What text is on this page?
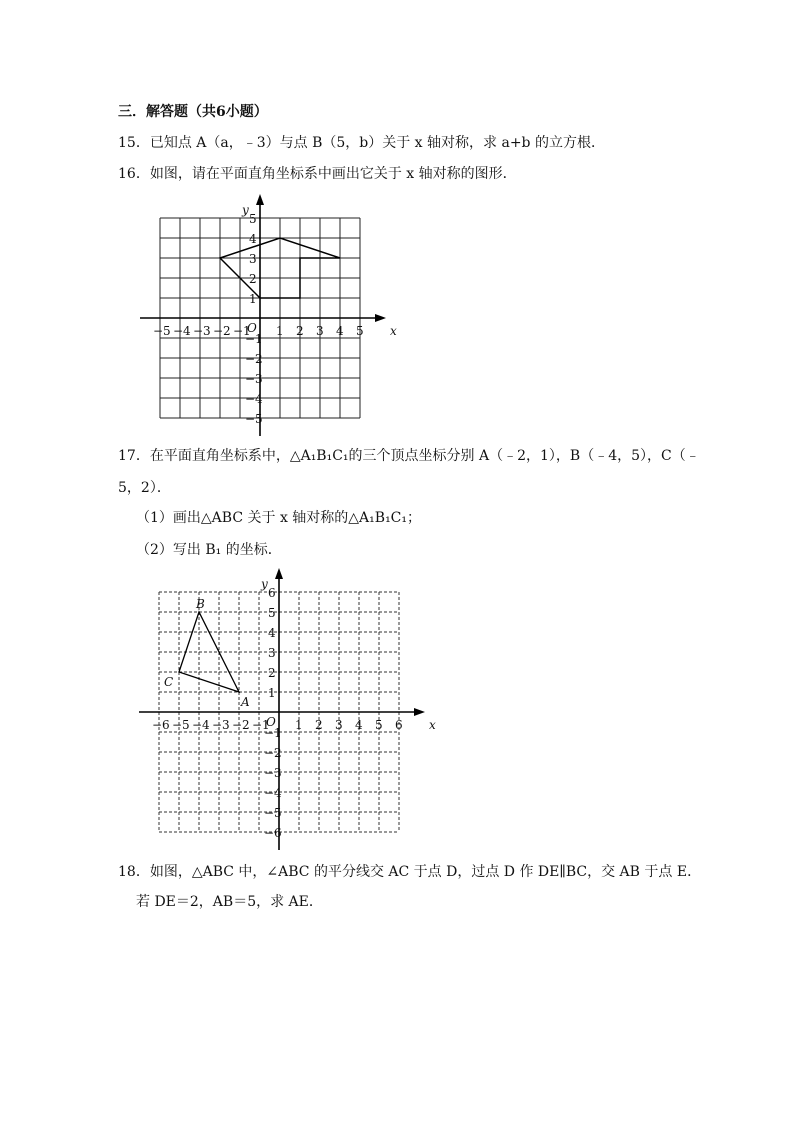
三．解答题（共6小题）
15．已知点 A（a，﹣3）与点 B（5，b）关于 x 轴对称，求 a+b 的立方根．
16．如图，请在平面直角坐标系中画出它关于 x 轴对称的图形．
x
y
O
−5 −4 −3 −2 −1 1 2 3 4 5
5
4
3
2
1
−1
−2
−3
−4
−5
17．在平面直角坐标系中，△A₁B₁C₁的三个顶点坐标分别 A（﹣2，1），B（﹣4，5），C（﹣
5，2）．
（1）画出△ABC 关于 x 轴对称的△A₁B₁C₁；
（2）写出 B₁ 的坐标．
x
y
O
−6 −5 −4 −3 −2 −1 1 2 3 4 5 6
6
5
4
3
2
1
−1
−2
−3
−4
−5
−6
A
B
C
18．如图，△ABC 中，∠ABC 的平分线交 AC 于点 D，过点 D 作 DE∥BC，交 AB 于点 E．
若 DE＝2，AB＝5，求 AE．
